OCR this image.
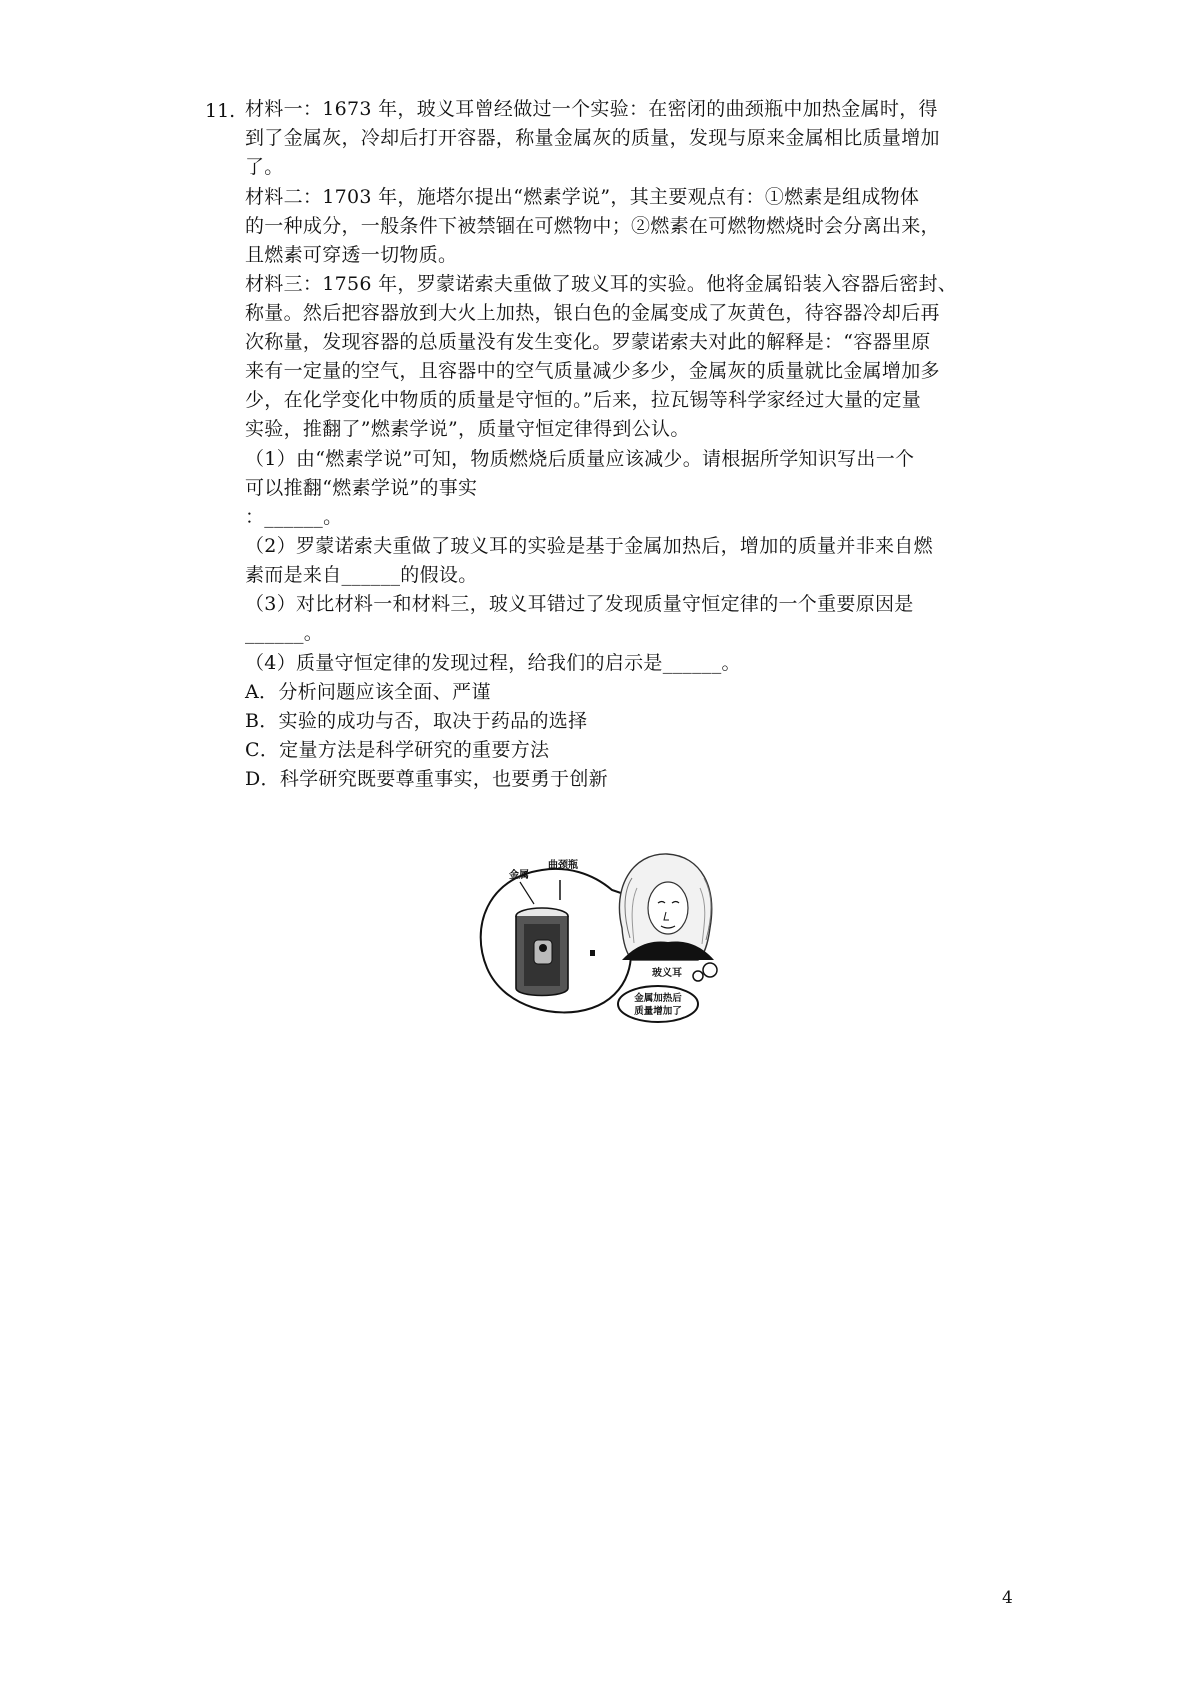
11. 材料一：1673 年，玻义耳曾经做过一个实验：在密闭的曲颈瓶中加热金属时，得
到了金属灰，冷却后打开容器，称量金属灰的质量，发现与原来金属相比质量增加
了。
材料二：1703 年，施塔尔提出“燃素学说”，其主要观点有：①燃素是组成物体
的一种成分，一般条件下被禁锢在可燃物中；②燃素在可燃物燃烧时会分离出来，
且燃素可穿透一切物质。
材料三：1756 年，罗蒙诺索夫重做了玻义耳的实验。他将金属铅装入容器后密封、
称量。然后把容器放到大火上加热，银白色的金属变成了灰黄色，待容器冷却后再
次称量，发现容器的总质量没有发生变化。罗蒙诺索夫对此的解释是：“容器里原
来有一定量的空气，且容器中的空气质量减少多少，金属灰的质量就比金属增加多
少，在化学变化中物质的质量是守恒的。”后来，拉瓦锡等科学家经过大量的定量
实验，推翻了”燃素学说”，质量守恒定律得到公认。
（1）由“燃素学说”可知，物质燃烧后质量应该减少。请根据所学知识写出一个
可以推翻“燃素学说”的事实
：______。
（2）罗蒙诺索夫重做了玻义耳的实验是基于金属加热后，增加的质量并非来自燃
素而是来自______的假设。
（3）对比材料一和材料三，玻义耳错过了发现质量守恒定律的一个重要原因是
______。
（4）质量守恒定律的发现过程，给我们的启示是______。
A．分析问题应该全面、严谨
B．实验的成功与否，取决于药品的选择
C．定量方法是科学研究的重要方法
D．科学研究既要尊重事实，也要勇于创新
金属
曲颈瓶
玻义耳
金属加热后
质量增加了
4
